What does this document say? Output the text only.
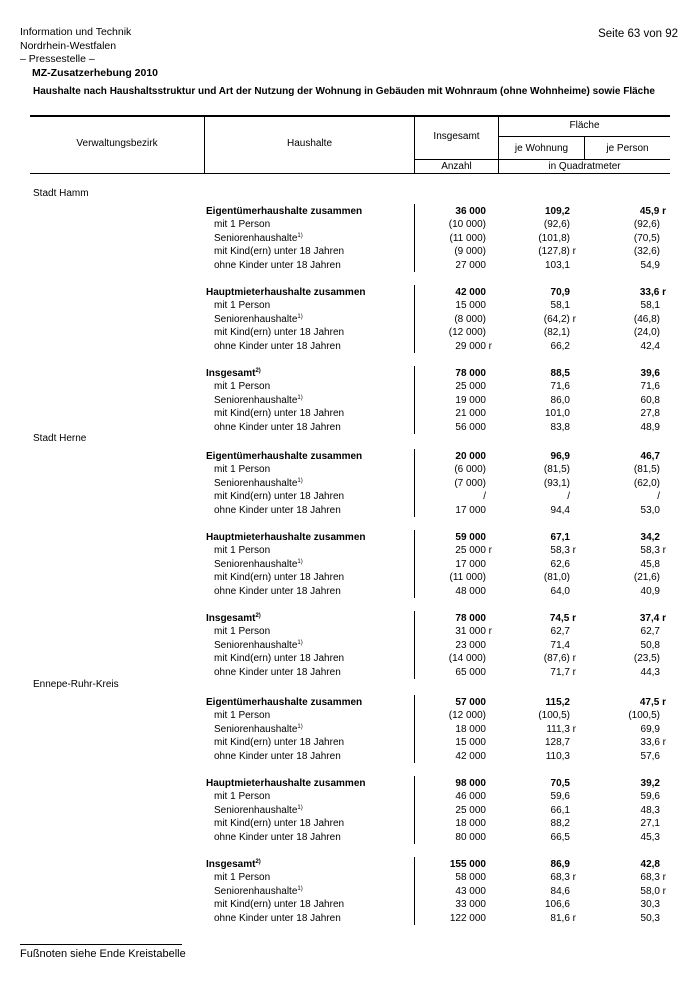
Information und Technik
Nordrhein-Westfalen
– Pressestelle –
MZ-Zusatzerhebung 2010
Seite 63 von 92
Haushalte nach Haushaltsstruktur und Art der Nutzung der Wohnung in Gebäuden mit Wohnraum (ohne Wohnheime) sowie Fläche
Verwaltungsbezirk	Haushalte
Insgesamt
Fläche
je Wohnung	je Person
Anzahl	in Quadratmeter
Stadt Hamm
Eigentümerhaushalte zusammen	36 000	109,2	45,9 r
mit 1 Person	(10 000)	(92,6)	(92,6)
Seniorenhaushalte$^{1)}$	(11 000)	(101,8)	(70,5)
mit Kind(ern) unter 18 Jahren	(9 000)	(127,8) r	(32,6)
ohne Kinder unter 18 Jahren	27 000	103,1	54,9
Hauptmieterhaushalte zusammen	42 000	70,9	33,6 r
mit 1 Person	15 000	58,1	58,1
Seniorenhaushalte$^{1)}$	(8 000)	(64,2) r	(46,8)
mit Kind(ern) unter 18 Jahren	(12 000)	(82,1)	(24,0)
ohne Kinder unter 18 Jahren	29 000 r	66,2	42,4
Insgesamt$^{2)}$	78 000	88,5	39,6
mit 1 Person	25 000	71,6	71,6
Seniorenhaushalte$^{1)}$	19 000	86,0	60,8
mit Kind(ern) unter 18 Jahren	21 000	101,0	27,8
ohne Kinder unter 18 Jahren	56 000	83,8	48,9
Stadt Herne
Eigentümerhaushalte zusammen	20 000	96,9	46,7
mit 1 Person	(6 000)	(81,5)	(81,5)
Seniorenhaushalte$^{1)}$	(7 000)	(93,1)	(62,0)
mit Kind(ern) unter 18 Jahren	/	/	/
ohne Kinder unter 18 Jahren	17 000	94,4	53,0
Hauptmieterhaushalte zusammen	59 000	67,1	34,2
mit 1 Person	25 000 r	58,3 r	58,3 r
Seniorenhaushalte$^{1)}$	17 000	62,6	45,8
mit Kind(ern) unter 18 Jahren	(11 000)	(81,0)	(21,6)
ohne Kinder unter 18 Jahren	48 000	64,0	40,9
Insgesamt$^{2)}$	78 000	74,5 r	37,4 r
mit 1 Person	31 000 r	62,7	62,7
Seniorenhaushalte$^{1)}$	23 000	71,4	50,8
mit Kind(ern) unter 18 Jahren	(14 000)	(87,6) r	(23,5)
ohne Kinder unter 18 Jahren	65 000	71,7 r	44,3
Ennepe-Ruhr-Kreis
Eigentümerhaushalte zusammen	57 000	115,2	47,5 r
mit 1 Person	(12 000)	(100,5)	(100,5)
Seniorenhaushalte$^{1)}$	18 000	111,3 r	69,9
mit Kind(ern) unter 18 Jahren	15 000	128,7	33,6 r
ohne Kinder unter 18 Jahren	42 000	110,3	57,6
Hauptmieterhaushalte zusammen	98 000	70,5	39,2
mit 1 Person	46 000	59,6	59,6
Seniorenhaushalte$^{1)}$	25 000	66,1	48,3
mit Kind(ern) unter 18 Jahren	18 000	88,2	27,1
ohne Kinder unter 18 Jahren	80 000	66,5	45,3
Insgesamt$^{2)}$	155 000	86,9	42,8
mit 1 Person	58 000	68,3 r	68,3 r
Seniorenhaushalte$^{1)}$	43 000	84,6	58,0 r
mit Kind(ern) unter 18 Jahren	33 000	106,6	30,3
ohne Kinder unter 18 Jahren	122 000	81,6 r	50,3
Fußnoten siehe Ende Kreistabelle
